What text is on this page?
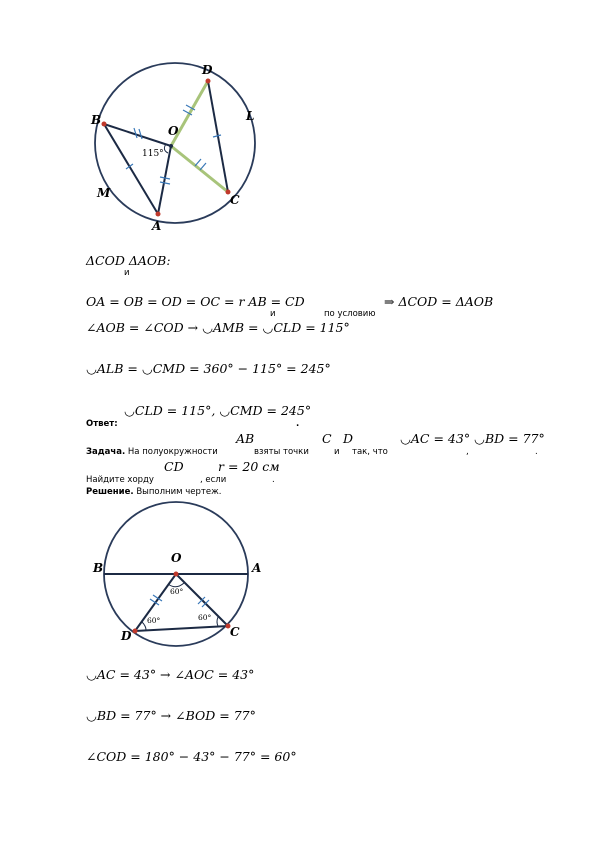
D
B
O
L
M	C
A
115°
ΔCOD ΔAOB:
и
OA = OB = OD = OC = r AB = CD	⇒ ΔCOD = ΔAOB
и	по условию
∠AOB = ∠COD → ◡AMB = ◡CLD = 115°
◡ALB = ◡CMD = 360° − 115° = 245°
◡CLD = 115°, ◡CMD = 245°
Ответ:	.
AB	C D	◡AC = 43° ◡BD = 77°
Задача. На полуокружности	взяты точки	и так, что	,	.
CD	r = 20 см
Найдите хорду	, если	.
Решение. Выполним чертеж.
O
B	A
D	C
60°
60°	60°
◡AC = 43° → ∠AOC = 43°
◡BD = 77° → ∠BOD = 77°
∠COD = 180° − 43° − 77° = 60°
